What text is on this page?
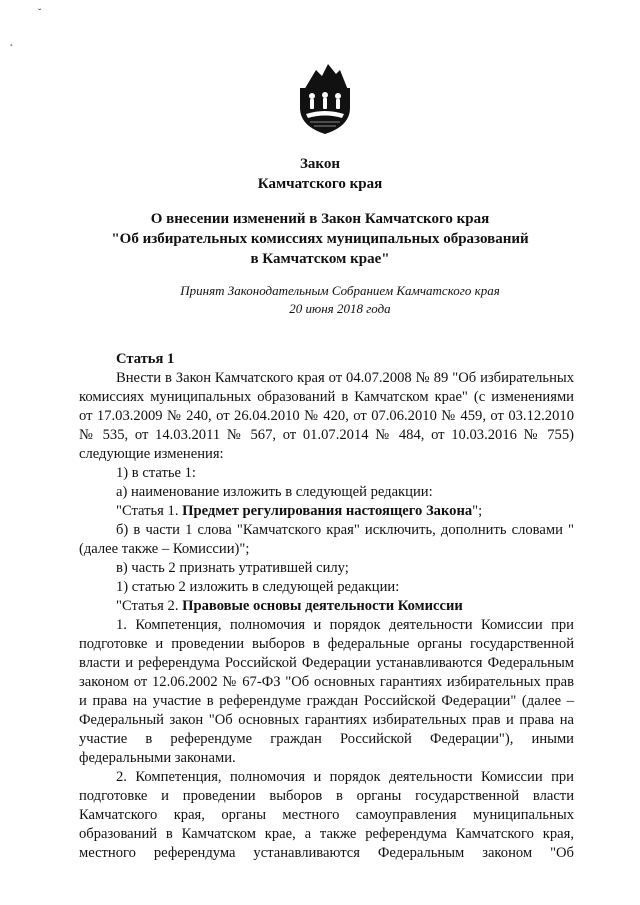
ˇ
˛
Закон
Камчатского края
О внесении изменений в Закон Камчатского края
"Об избирательных комиссиях муниципальных образований
в Камчатском крае"
Принят Законодательным Собранием Камчатского края
20 июня 2018 года

Статья 1

Внести в Закон Камчатского края от 04.07.2008 № 89 "Об избирательных комиссиях муниципальных образований в Камчатском крае" (с изменениями от 17.03.2009 № 240, от 26.04.2010 № 420, от 07.06.2010 № 459, от 03.12.2010 № 535, от 14.03.2011 № 567, от 01.07.2014 № 484, от 10.03.2016 № 755) следующие изменения:

1) в статье 1:

а) наименование изложить в следующей редакции:

"Статья 1. Предмет регулирования настоящего Закона";

б) в части 1 слова "Камчатского края" исключить, дополнить словами "(далее также – Комиссии)";

в) часть 2 признать утратившей силу;

1) статью 2 изложить в следующей редакции:

"Статья 2. Правовые основы деятельности Комиссии

1. Компетенция, полномочия и порядок деятельности Комиссии при подготовке и проведении выборов в федеральные органы государственной власти и референдума Российской Федерации устанавливаются Федеральным законом от 12.06.2002 № 67-ФЗ "Об основных гарантиях избирательных прав и права на участие в референдуме граждан Российской Федерации" (далее – Федеральный закон "Об основных гарантиях избирательных прав и права на участие в референдуме граждан Российской Федерации"), иными федеральными законами.

2. Компетенция, полномочия и порядок деятельности Комиссии при подготовке и проведении выборов в органы государственной власти Камчатского края, органы местного самоуправления муниципальных образований в Камчатском крае, а также референдума Камчатского края, местного референдума устанавливаются Федеральным законом "Об
